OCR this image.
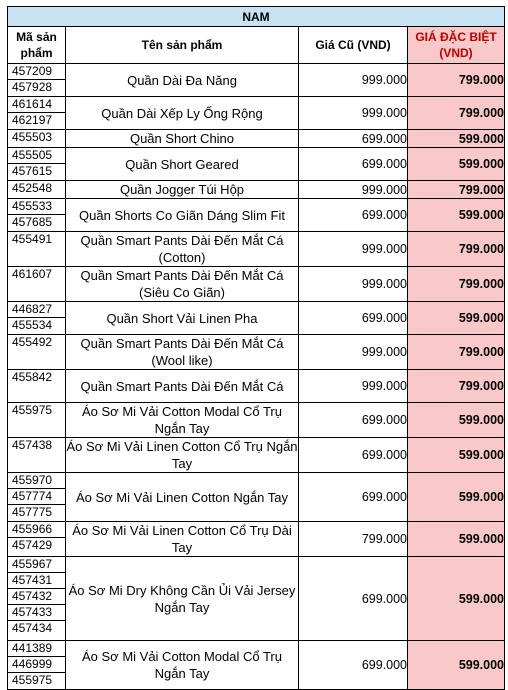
NAM			
Mã sản phẩm	Tên sản phẩm	Giá Cũ (VND)	GIÁ ĐẶC BIỆT (VND)

457209
457928	Quần Dài Đa Năng	999.000	799.000

461614
462197	Quần Dài Xếp Ly Ống Rộng	999.000	799.000

455503	Quần Short Chino	699.000	599.000

455505
457615	Quần Short Geared	699.000	599.000

452548	Quần Jogger Túi Hộp	999.000	799.000

455533
457685	Quần Shorts Co Giãn Dáng Slim Fit	699.000	599.000

455491	Quần Smart Pants Dài Đến Mắt Cá (Cotton)	999.000	799.000

461607	Quần Smart Pants Dài Đến Mắt Cá (Siêu Co Giãn)	999.000	799.000

446827
455534	Quần Short Vải Linen Pha	699.000	599.000

455492	Quần Smart Pants Dài Đến Mắt Cá (Wool like)	999.000	799.000

455842	Quần Smart Pants Dài Đến Mắt Cá	999.000	799.000

455975	Áo Sơ Mi Vải Cotton Modal Cổ Trụ Ngắn Tay	699.000	599.000

457438	Áo Sơ Mi Vải Linen Cotton Cổ Trụ Ngắn Tay	699.000	599.000

455970
457774
457775	Áo Sơ Mi Vải Linen Cotton Ngắn Tay	699.000	599.000

455966
457429	Áo Sơ Mi Vải Linen Cotton Cổ Trụ Dài Tay	799.000	599.000

455967
457431
457432
457433
457434	Áo Sơ Mi Dry Không Cần Ủi Vải Jersey Ngắn Tay	699.000	599.000

441389
446999
455975	Áo Sơ Mi Vải Cotton Modal Cổ Trụ Ngắn Tay	699.000	599.000
